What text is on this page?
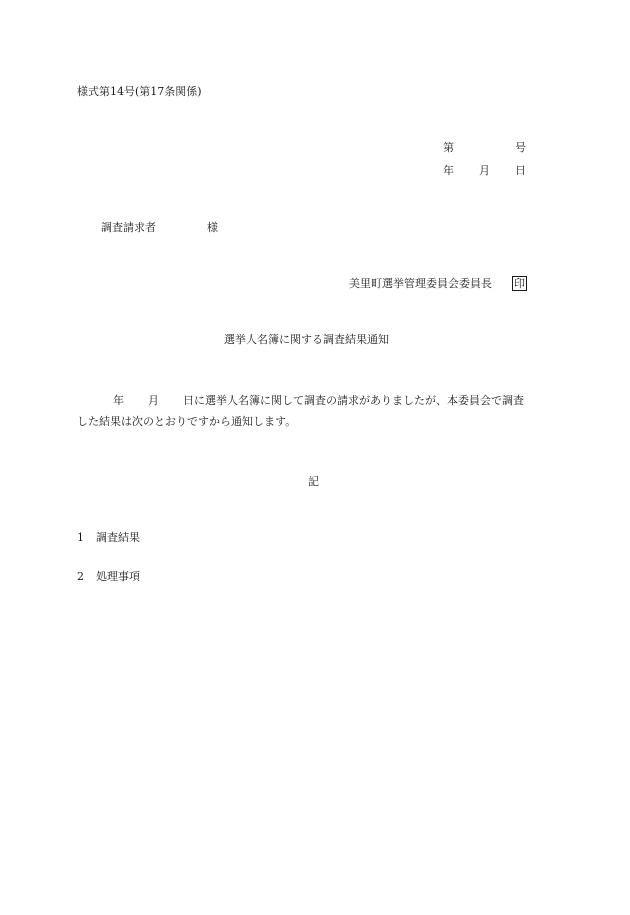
様式第14号(第17条関係)
第	号
年 月 日
調査請求者	様
美里町選挙管理委員会委員長 印
選挙人名簿に関する調査結果通知
年 月 日に選挙人名簿に関して調査の請求がありましたが、本委員会で調査
した結果は次のとおりですから通知します。
記
1 調査結果
2 処理事項
